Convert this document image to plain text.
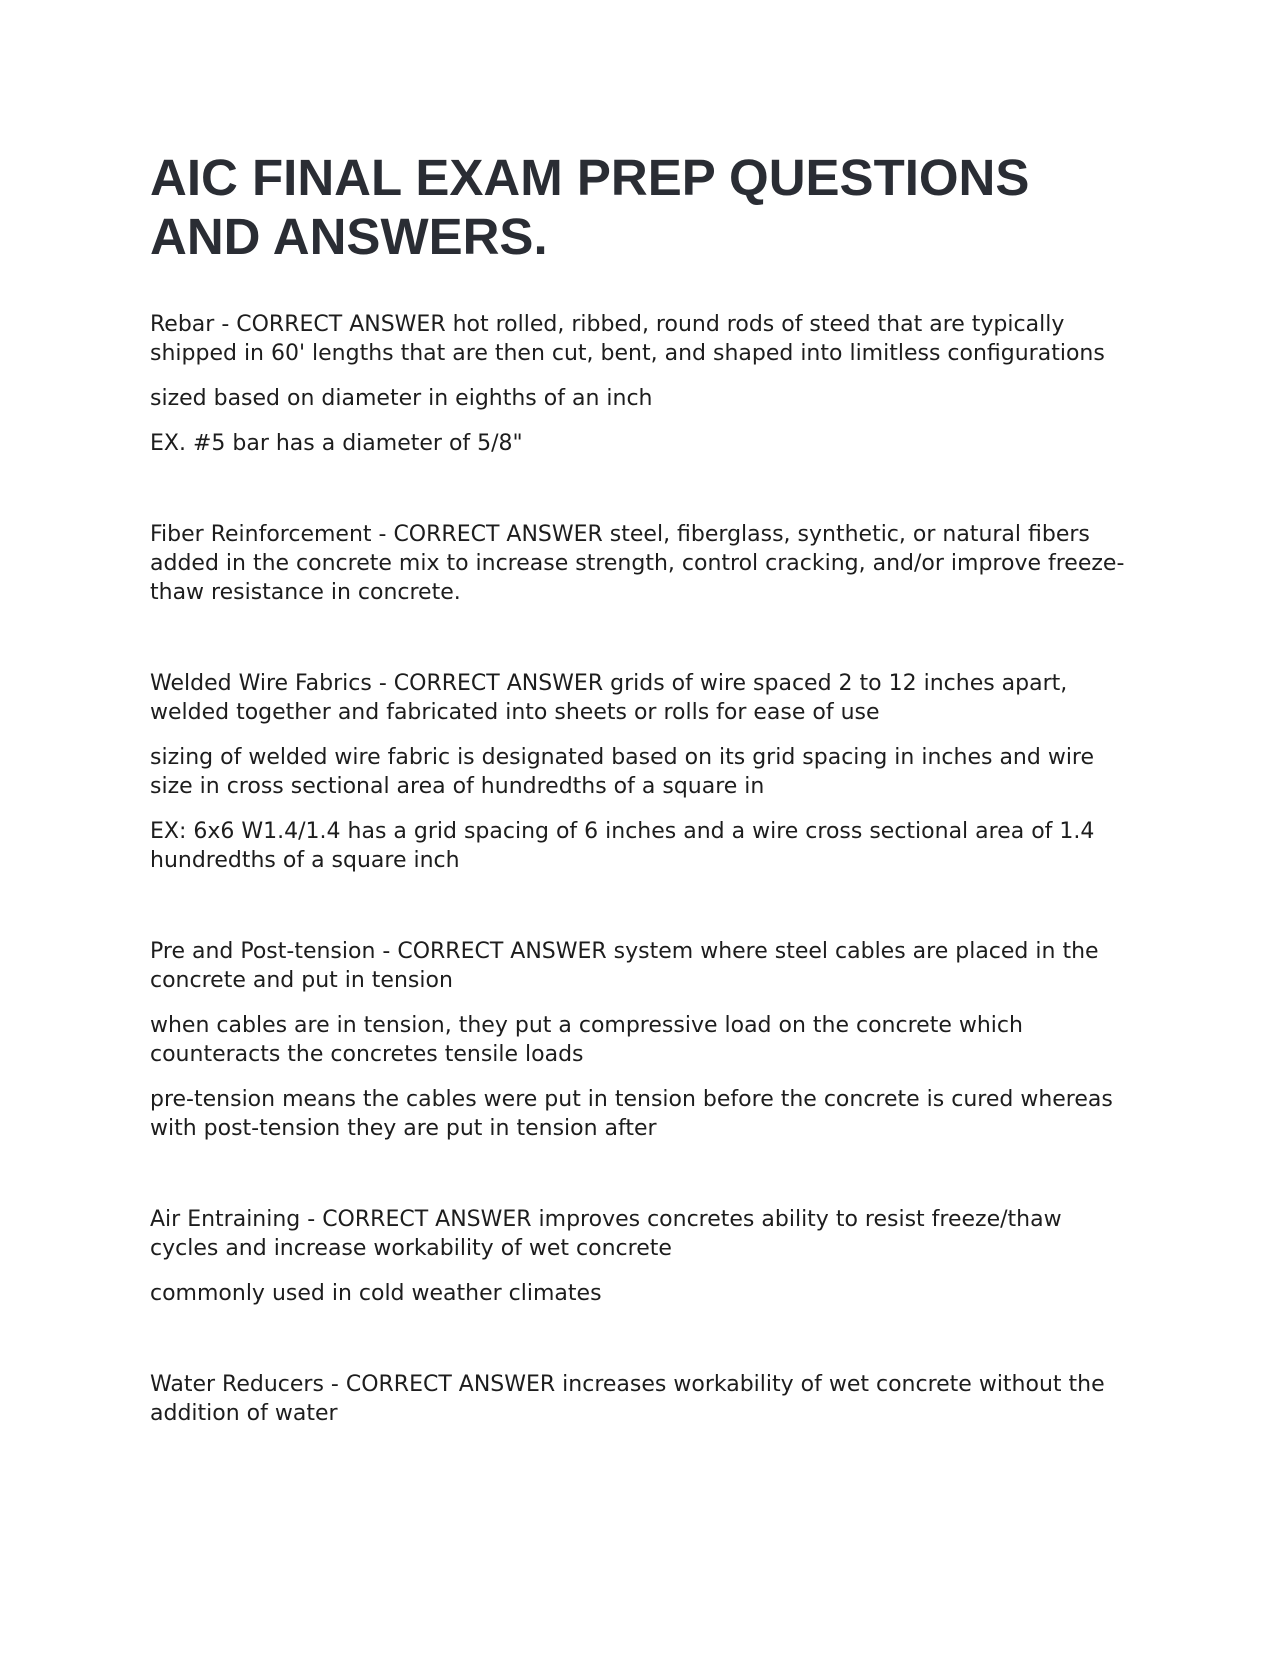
AIC FINAL EXAM PREP QUESTIONS AND ANSWERS.

Rebar - CORRECT ANSWER hot rolled, ribbed, round rods of steed that are typically shipped in 60' lengths that are then cut, bent, and shaped into limitless configurations

sized based on diameter in eighths of an inch

EX. #5 bar has a diameter of 5/8"

Fiber Reinforcement - CORRECT ANSWER steel, fiberglass, synthetic, or natural fibers added in the concrete mix to increase strength, control cracking, and/or improve freeze-thaw resistance in concrete.

Welded Wire Fabrics - CORRECT ANSWER grids of wire spaced 2 to 12 inches apart, welded together and fabricated into sheets or rolls for ease of use

sizing of welded wire fabric is designated based on its grid spacing in inches and wire size in cross sectional area of hundredths of a square in

EX: 6x6 W1.4/1.4 has a grid spacing of 6 inches and a wire cross sectional area of 1.4 hundredths of a square inch

Pre and Post-tension - CORRECT ANSWER system where steel cables are placed in the concrete and put in tension

when cables are in tension, they put a compressive load on the concrete which counteracts the concretes tensile loads

pre-tension means the cables were put in tension before the concrete is cured whereas with post-tension they are put in tension after

Air Entraining - CORRECT ANSWER improves concretes ability to resist freeze/thaw cycles and increase workability of wet concrete

commonly used in cold weather climates

Water Reducers - CORRECT ANSWER increases workability of wet concrete without the addition of water
